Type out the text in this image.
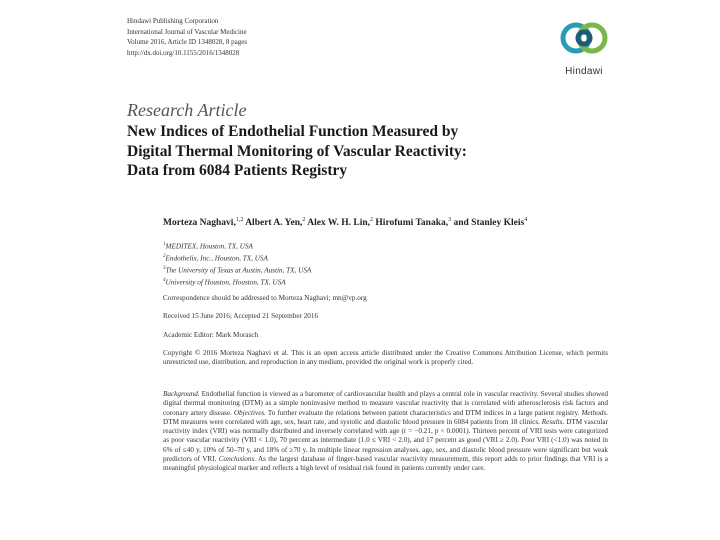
Hindawi Publishing Corporation
International Journal of Vascular Medicine
Volume 2016, Article ID 1348028, 8 pages
http://dx.doi.org/10.1155/2016/1348028
Hindawi
Research Article
New Indices of Endothelial Function Measured by
Digital Thermal Monitoring of Vascular Reactivity:
Data from 6084 Patients Registry
Morteza Naghavi,$^{1,2}$ Albert A. Yen,$^2$ Alex W. H. Lin,$^2$ Hirofumi Tanaka,$^3$ and Stanley Kleis$^4$
$^1$MEDITEX, Houston, TX, USA
$^2$Endothelix, Inc., Houston, TX, USA
$^3$The University of Texas at Austin, Austin, TX, USA
$^4$University of Houston, Houston, TX, USA
Correspondence should be addressed to Morteza Naghavi; mn@vp.org
Received 15 June 2016; Accepted 21 September 2016
Academic Editor: Mark Morasch
Copyright © 2016 Morteza Naghavi et al. This is an open access article distributed under the Creative Commons Attribution License, which permits unrestricted use, distribution, and reproduction in any medium, provided the original work is properly cited.
Background. Endothelial function is viewed as a barometer of cardiovascular health and plays a central role in vascular reactivity. Several studies showed digital thermal monitoring (DTM) as a simple noninvasive method to measure vascular reactivity that is correlated with atherosclerosis risk factors and coronary artery disease. Objectives. To further evaluate the relations between patient characteristics and DTM indices in a large patient registry. Methods. DTM measures were correlated with age, sex, heart rate, and systolic and diastolic blood pressure in 6084 patients from 18 clinics. Results. DTM vascular reactivity index (VRI) was normally distributed and inversely correlated with age (r = −0.21, p < 0.0001). Thirteen percent of VRI tests were categorized as poor vascular reactivity (VRI < 1.0), 70 percent as intermediate (1.0 ≤ VRI < 2.0), and 17 percent as good (VRI ≥ 2.0). Poor VRI (<1.0) was noted in 6% of ≤40 y, 10% of 50–70 y, and 18% of ≥70 y. In multiple linear regression analyses, age, sex, and diastolic blood pressure were significant but weak predictors of VRI. Conclusions. As the largest database of finger-based vascular reactivity measurement, this report adds to prior findings that VRI is a meaningful physiological marker and reflects a high level of residual risk found in patients currently under care.
